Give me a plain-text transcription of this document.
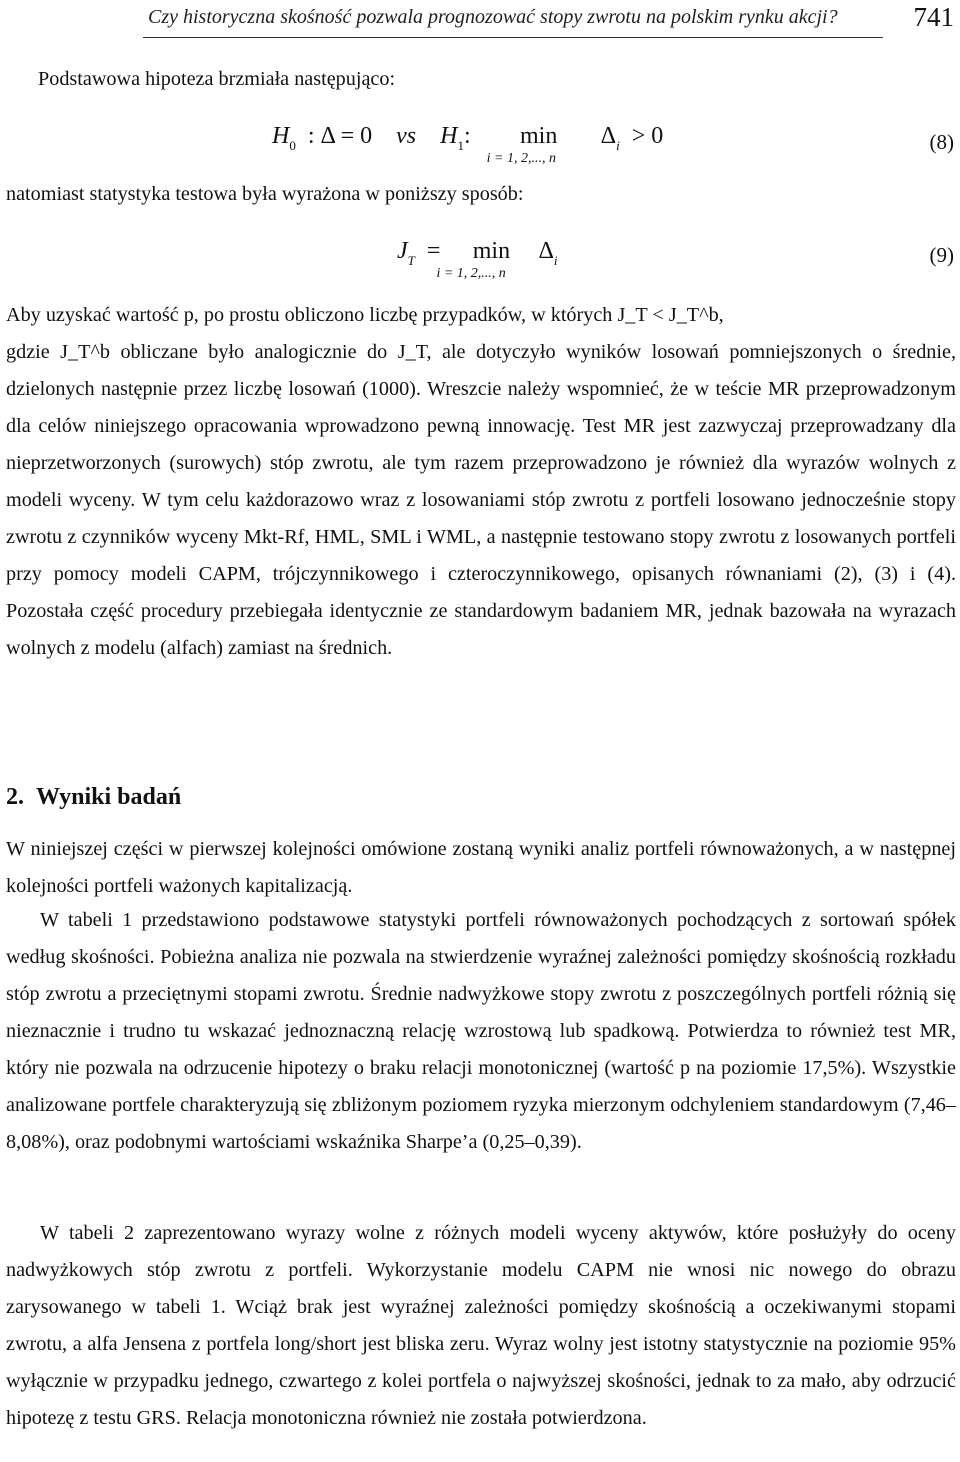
Czy historyczna skośność pozwala prognozować stopy zwrotu na polskim rynku akcji?	741
Podstawowa hipoteza brzmiała następująco:
$H_0$ : Δ = 0 vs $H_1$: min
i = 1, 2,..., n
$\Delta_i > 0$	(8)
natomiast statystyka testowa była wyrażona w poniższy sposób:
$J_T = \min$
i = 1, 2,..., n
$\Delta_i$	(9)
Aby uzyskać wartość p, po prostu obliczono liczbę przypadków, w których J_T < J_T^b,
gdzie J_T^b obliczane było analogicznie do J_T, ale dotyczyło wyników losowań pomniejszonych o średnie, dzielonych następnie przez liczbę losowań (1000). Wreszcie należy wspomnieć, że w teście MR przeprowadzonym dla celów niniejszego opracowania wprowadzono pewną innowację. Test MR jest zazwyczaj przeprowadzany dla nieprzetworzonych (surowych) stóp zwrotu, ale tym razem przeprowadzono je również dla wyrazów wolnych z modeli wyceny. W tym celu każdorazowo wraz z losowaniami stóp zwrotu z portfeli losowano jednocześnie stopy zwrotu z czynników wyceny Mkt-Rf, HML, SML i WML, a następnie testowano stopy zwrotu z losowanych portfeli przy pomocy modeli CAPM, trójczynnikowego i czteroczynnikowego, opisanych równaniami (2), (3) i (4). Pozostała część procedury przebiegała identycznie ze standardowym badaniem MR, jednak bazowała na wyrazach wolnych z modelu (alfach) zamiast na średnich.
2. Wyniki badań
W niniejszej części w pierwszej kolejności omówione zostaną wyniki analiz portfeli równoważonych, a w następnej kolejności portfeli ważonych kapitalizacją.
W tabeli 1 przedstawiono podstawowe statystyki portfeli równoważonych pochodzących z sortowań spółek według skośności. Pobieżna analiza nie pozwala na stwierdzenie wyraźnej zależności pomiędzy skośnością rozkładu stóp zwrotu a przeciętnymi stopami zwrotu. Średnie nadwyżkowe stopy zwrotu z poszczególnych portfeli różnią się nieznacznie i trudno tu wskazać jednoznaczną relację wzrostową lub spadkową. Potwierdza to również test MR, który nie pozwala na odrzucenie hipotezy o braku relacji monotonicznej (wartość p na poziomie 17,5%). Wszystkie analizowane portfele charakteryzują się zbliżonym poziomem ryzyka mierzonym odchyleniem standardowym (7,46–8,08%), oraz podobnymi wartościami wskaźnika Sharpe’a (0,25–0,39).
W tabeli 2 zaprezentowano wyrazy wolne z różnych modeli wyceny aktywów, które posłużyły do oceny nadwyżkowych stóp zwrotu z portfeli. Wykorzystanie modelu CAPM nie wnosi nic nowego do obrazu zarysowanego w tabeli 1. Wciąż brak jest wyraźnej zależności pomiędzy skośnością a oczekiwanymi stopami zwrotu, a alfa Jensena z portfela long/short jest bliska zeru. Wyraz wolny jest istotny statystycznie na poziomie 95% wyłącznie w przypadku jednego, czwartego z kolei portfela o najwyższej skośności, jednak to za mało, aby odrzucić hipotezę z testu GRS. Relacja monotoniczna również nie została potwierdzona.
